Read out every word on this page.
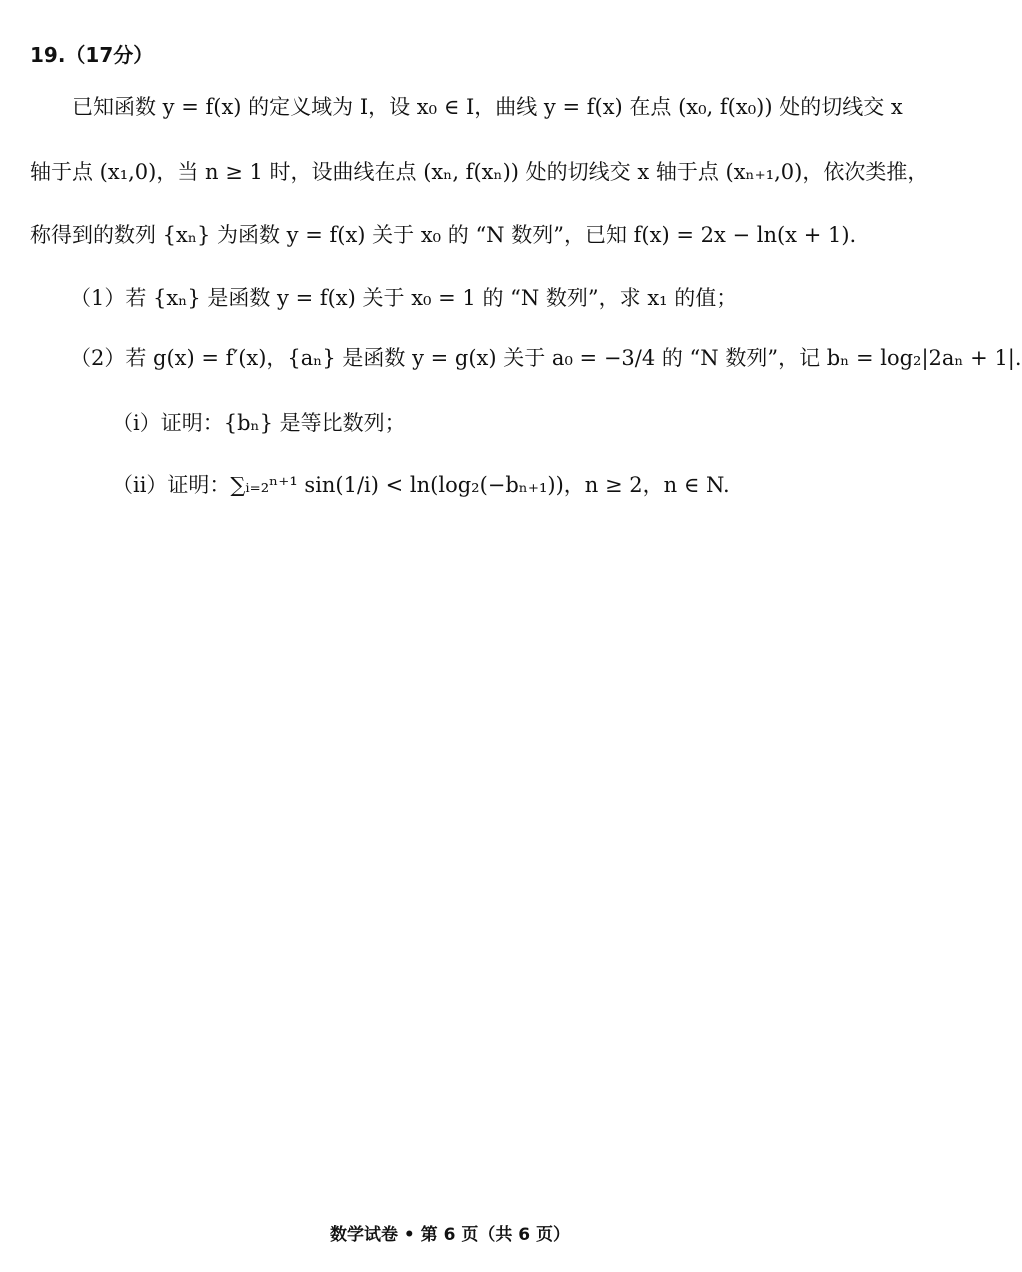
19.（17分）
已知函数 y = f(x) 的定义域为 I，设 x₀ ∈ I，曲线 y = f(x) 在点 (x₀, f(x₀)) 处的切线交 x
轴于点 (x₁,0)，当 n ≥ 1 时，设曲线在点 (xₙ, f(xₙ)) 处的切线交 x 轴于点 (xₙ₊₁,0)，依次类推，
称得到的数列 {xₙ} 为函数 y = f(x) 关于 x₀ 的 “N 数列”，已知 f(x) = 2x − ln(x + 1).
（1）若 {xₙ} 是函数 y = f(x) 关于 x₀ = 1 的 “N 数列”，求 x₁ 的值；
（2）若 g(x) = f′(x)，{aₙ} 是函数 y = g(x) 关于 a₀ = −3/4 的 “N 数列”，记 bₙ = log₂|2aₙ + 1|.
（i）证明：{bₙ} 是等比数列；
（ii）证明：∑ᵢ₌₂ⁿ⁺¹ sin(1/i) < ln(log₂(−bₙ₊₁))，n ≥ 2，n ∈ N.
数学试卷 • 第 6 页（共 6 页）
